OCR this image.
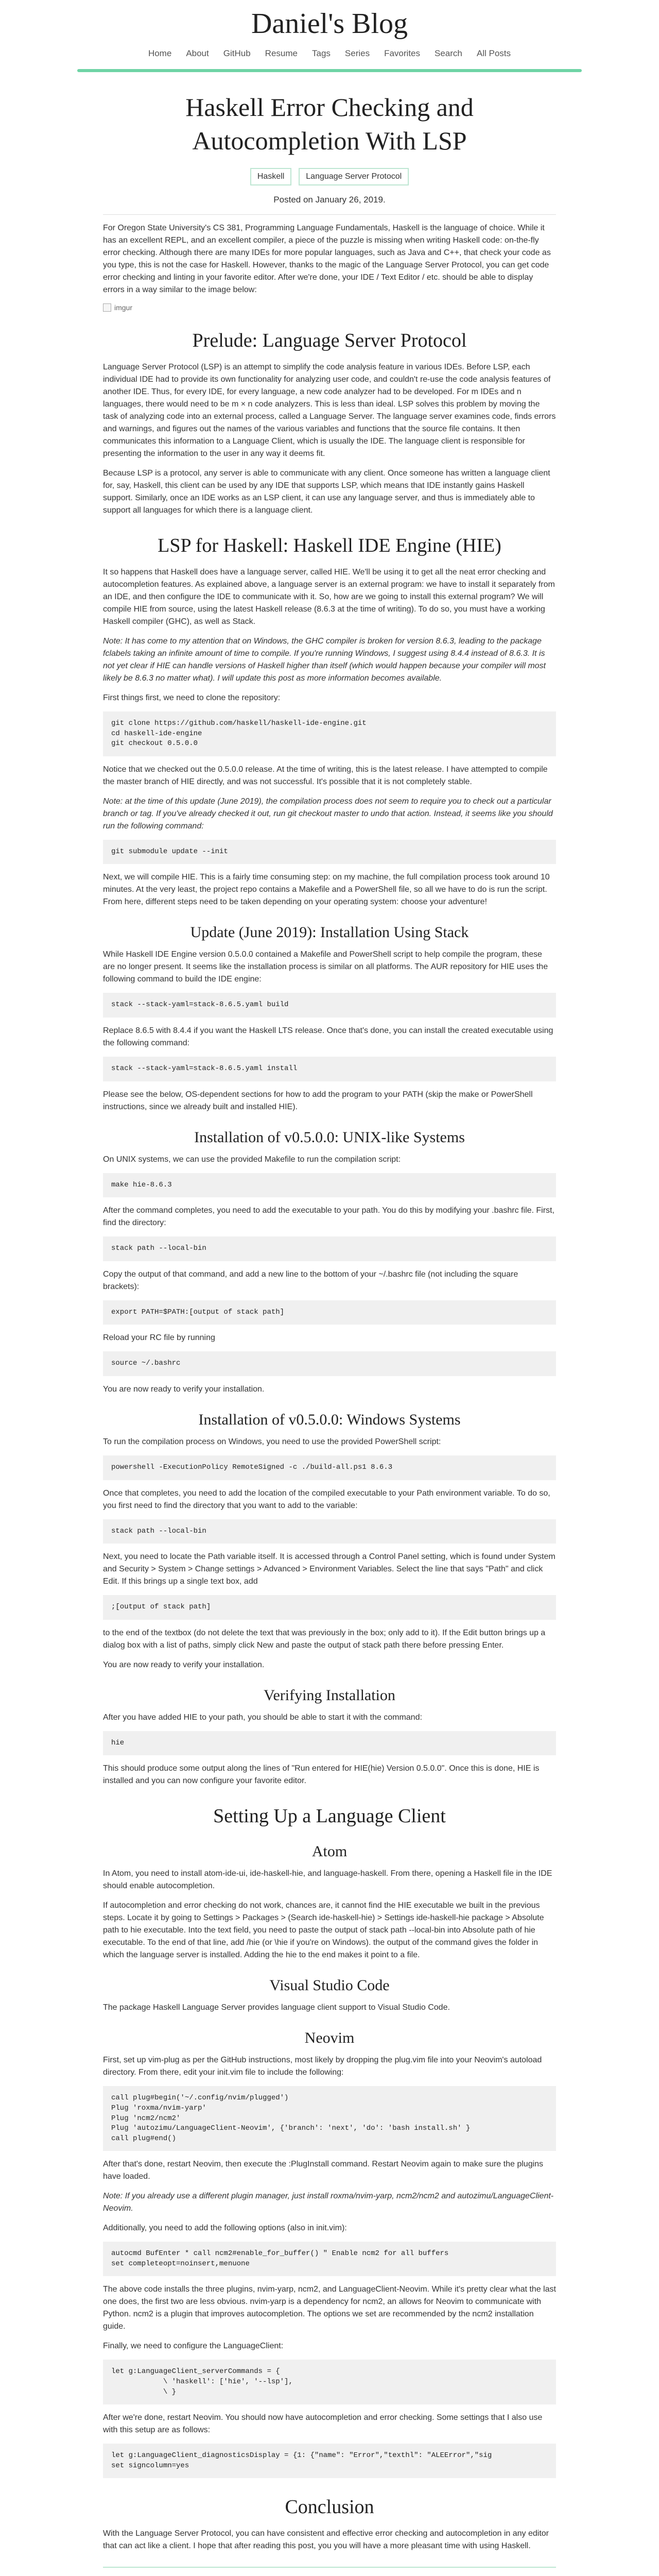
Daniel's Blog
Home About GitHub Resume Tags Series Favorites Search All Posts
Haskell Error Checking and Autocompletion With LSP
Haskell	Language Server Protocol
Posted on January 26, 2019.

For Oregon State University's CS 381, Programming Language Fundamentals, Haskell is the language of choice. While it has an excellent REPL, and an excellent compiler, a piece of the puzzle is missing when writing Haskell code: on-the-fly error checking. Although there are many IDEs for more popular languages, such as Java and C++, that check your code as you type, this is not the case for Haskell. However, thanks to the magic of the Language Server Protocol, you can get code error checking and linting in your favorite editor. After we're done, your IDE / Text Editor / etc. should be able to display errors in a way similar to the image below:

imgur
Prelude: Language Server Protocol

Language Server Protocol (LSP) is an attempt to simplify the code analysis feature in various IDEs. Before LSP, each individual IDE had to provide its own functionality for analyzing user code, and couldn't re-use the code analysis features of another IDE. Thus, for every IDE, for every language, a new code analyzer had to be developed. For m IDEs and n languages, there would need to be m × n code analyzers. This is less than ideal. LSP solves this problem by moving the task of analyzing code into an external process, called a Language Server. The language server examines code, finds errors and warnings, and figures out the names of the various variables and functions that the source file contains. It then communicates this information to a Language Client, which is usually the IDE. The language client is responsible for presenting the information to the user in any way it deems fit.

Because LSP is a protocol, any server is able to communicate with any client. Once someone has written a language client for, say, Haskell, this client can be used by any IDE that supports LSP, which means that IDE instantly gains Haskell support. Similarly, once an IDE works as an LSP client, it can use any language server, and thus is immediately able to support all languages for which there is a language client.

LSP for Haskell: Haskell IDE Engine (HIE)

It so happens that Haskell does have a language server, called HIE. We'll be using it to get all the neat error checking and autocompletion features. As explained above, a language server is an external program: we have to install it separately from an IDE, and then configure the IDE to communicate with it. So, how are we going to install this external program? We will compile HIE from source, using the latest Haskell release (8.6.3 at the time of writing). To do so, you must have a working Haskell compiler (GHC), as well as Stack.

Note: It has come to my attention that on Windows, the GHC compiler is broken for version 8.6.3, leading to the package fclabels taking an infinite amount of time to compile. If you're running Windows, I suggest using 8.4.4 instead of 8.6.3. It is not yet clear if HIE can handle versions of Haskell higher than itself (which would happen because your compiler will most likely be 8.6.3 no matter what). I will update this post as more information becomes available.

First things first, we need to clone the repository:

git clone https://github.com/haskell/haskell-ide-engine.git
cd haskell-ide-engine
git checkout 0.5.0.0

Notice that we checked out the 0.5.0.0 release. At the time of writing, this is the latest release. I have attempted to compile the master branch of HIE directly, and was not successful. It's possible that it is not completely stable.

Note: at the time of this update (June 2019), the compilation process does not seem to require you to check out a particular branch or tag. If you've already checked it out, run git checkout master to undo that action. Instead, it seems like you should run the following command:

git submodule update --init

Next, we will compile HIE. This is a fairly time consuming step: on my machine, the full compilation process took around 10 minutes. At the very least, the project repo contains a Makefile and a PowerShell file, so all we have to do is run the script. From here, different steps need to be taken depending on your operating system: choose your adventure!

Update (June 2019): Installation Using Stack

While Haskell IDE Engine version 0.5.0.0 contained a Makefile and PowerShell script to help compile the program, these are no longer present. It seems like the installation process is similar on all platforms. The AUR repository for HIE uses the following command to build the IDE engine:

stack --stack-yaml=stack-8.6.5.yaml build

Replace 8.6.5 with 8.4.4 if you want the Haskell LTS release. Once that's done, you can install the created executable using the following command:

stack --stack-yaml=stack-8.6.5.yaml install

Please see the below, OS-dependent sections for how to add the program to your PATH (skip the make or PowerShell instructions, since we already built and installed HIE).

Installation of v0.5.0.0: UNIX-like Systems

On UNIX systems, we can use the provided Makefile to run the compilation script:

make hie-8.6.3

After the command completes, you need to add the executable to your path. You do this by modifying your .bashrc file. First, find the directory:

stack path --local-bin

Copy the output of that command, and add a new line to the bottom of your ~/.bashrc file (not including the square brackets):

export PATH=$PATH:[output of stack path]

Reload your RC file by running

source ~/.bashrc

You are now ready to verify your installation.

Installation of v0.5.0.0: Windows Systems

To run the compilation process on Windows, you need to use the provided PowerShell script:

powershell -ExecutionPolicy RemoteSigned -c ./build-all.ps1 8.6.3

Once that completes, you need to add the location of the compiled executable to your Path environment variable. To do so, you first need to find the directory that you want to add to the variable:

stack path --local-bin

Next, you need to locate the Path variable itself. It is accessed through a Control Panel setting, which is found under System and Security > System > Change settings > Advanced > Environment Variables. Select the line that says "Path" and click Edit. If this brings up a single text box, add

;[output of stack path]

to the end of the textbox (do not delete the text that was previously in the box; only add to it). If the Edit button brings up a dialog box with a list of paths, simply click New and paste the output of stack path there before pressing Enter.

You are now ready to verify your installation.

Verifying Installation

After you have added HIE to your path, you should be able to start it with the command:

hie

This should produce some output along the lines of "Run entered for HIE(hie) Version 0.5.0.0". Once this is done, HIE is installed and you can now configure your favorite editor.

Setting Up a Language Client
Atom

In Atom, you need to install atom-ide-ui, ide-haskell-hie, and language-haskell. From there, opening a Haskell file in the IDE should enable autocompletion.

If autocompletion and error checking do not work, chances are, it cannot find the HIE executable we built in the previous steps. Locate it by going to Settings > Packages > (Search ide-haskell-hie) > Settings ide-haskell-hie package > Absolute path to hie executable. Into the text field, you need to paste the output of stack path --local-bin into Absolute path of hie executable. To the end of that line, add /hie (or \hie if you're on Windows). the output of the command gives the folder in which the language server is installed. Adding the hie to the end makes it point to a file.

Visual Studio Code

The package Haskell Language Server provides language client support to Visual Studio Code.

Neovim

First, set up vim-plug as per the GitHub instructions, most likely by dropping the plug.vim file into your Neovim's autoload directory. From there, edit your init.vim file to include the following:

call plug#begin('~/.config/nvim/plugged')
Plug 'roxma/nvim-yarp'
Plug 'ncm2/ncm2'
Plug 'autozimu/LanguageClient-Neovim', {'branch': 'next', 'do': 'bash install.sh' }
call plug#end()

After that's done, restart Neovim, then execute the :PlugInstall command. Restart Neovim again to make sure the plugins have loaded.

Note: If you already use a different plugin manager, just install roxma/nvim-yarp, ncm2/ncm2 and autozimu/LanguageClient-Neovim.

Additionally, you need to add the following options (also in init.vim):

autocmd BufEnter * call ncm2#enable_for_buffer() " Enable ncm2 for all buffers
set completeopt=noinsert,menuone

The above code installs the three plugins, nvim-yarp, ncm2, and LanguageClient-Neovim. While it's pretty clear what the last one does, the first two are less obvious. nvim-yarp is a dependency for ncm2, an allows for Neovim to communicate with Python. ncm2 is a plugin that improves autocompletion. The options we set are recommended by the ncm2 installation guide.

Finally, we need to configure the LanguageClient:

let g:LanguageClient_serverCommands = {
\ 'haskell': ['hie', '--lsp'],
\ }

After we're done, restart Neovim. You should now have autocompletion and error checking. Some settings that I also use with this setup are as follows:

let g:LanguageClient_diagnosticsDisplay = {1: {"name": "Error","texthl": "ALEError","sig
set signcolumn=yes
Conclusion

With the Language Server Protocol, you can have consistent and effective error checking and autocompletion in any editor that can act like a client. I hope that after reading this post, you you will have a more pleasant time with using Haskell.
